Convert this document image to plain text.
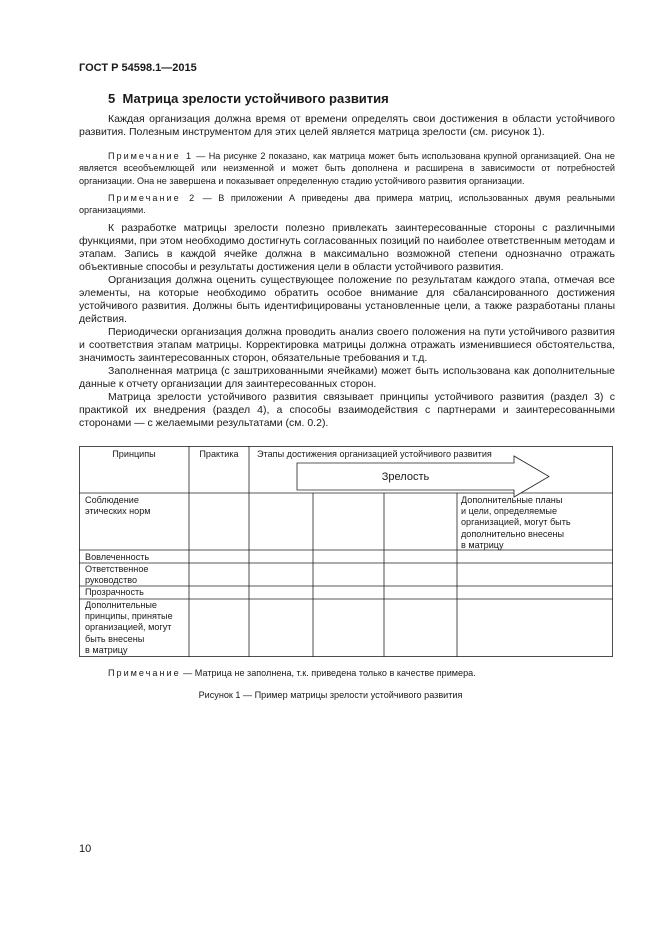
ГОСТ Р 54598.1—2015
5 Матрица зрелости устойчивого развития

Каждая организация должна время от времени определять свои достижения в области устойчивого развития. Полезным инструментом для этих целей является матрица зрелости (см. рисунок 1).

Примечание 1 — На рисунке 2 показано, как матрица может быть использована крупной организацией. Она не является всеобъемлющей или неизменной и может быть дополнена и расширена в зависимости от потребностей организации. Она не завершена и показывает определенную стадию устойчивого развития организации.

Примечание 2 — В приложении А приведены два примера матриц, использованных двумя реальными организациями.

К разработке матрицы зрелости полезно привлекать заинтересованные стороны с различными функциями, при этом необходимо достигнуть согласованных позиций по наиболее ответственным методам и этапам. Запись в каждой ячейке должна в максимально возможной степени однозначно отражать объективные способы и результаты достижения цели в области устойчивого развития.

Организация должна оценить существующее положение по результатам каждого этапа, отмечая все элементы, на которые необходимо обратить особое внимание для сбалансированного достижения устойчивого развития. Должны быть идентифицированы установленные цели, а также разработаны планы действия.

Периодически организация должна проводить анализ своего положения на пути устойчивого развития и соответствия этапам матрицы. Корректировка матрицы должна отражать изменившиеся обстоятельства, значимость заинтересованных сторон, обязательные требования и т.д.

Заполненная матрица (с заштрихованными ячейками) может быть использована как дополнительные данные к отчету организации для заинтересованных сторон.

Матрица зрелости устойчивого развития связывает принципы устойчивого развития (раздел 3) с практикой их внедрения (раздел 4), а способы взаимодействия с партнерами и заинтересованными сторонами — с желаемыми результатами (см. 0.2).

Принципы	Практика	Этапы достижения организацией устойчивого развития
Зрелость
Соблюдение
этических норм
Дополнительные планы
и цели, определяемые
организацией, могут быть
дополнительно внесены
в матрицу
Вовлеченность
Ответственное
руководство
Прозрачность
Дополнительные
принципы, принятые
организацией, могут
быть внесены
в матрицу
Примечание — Матрица не заполнена, т.к. приведена только в качестве примера.
Рисунок 1 — Пример матрицы зрелости устойчивого развития
10
